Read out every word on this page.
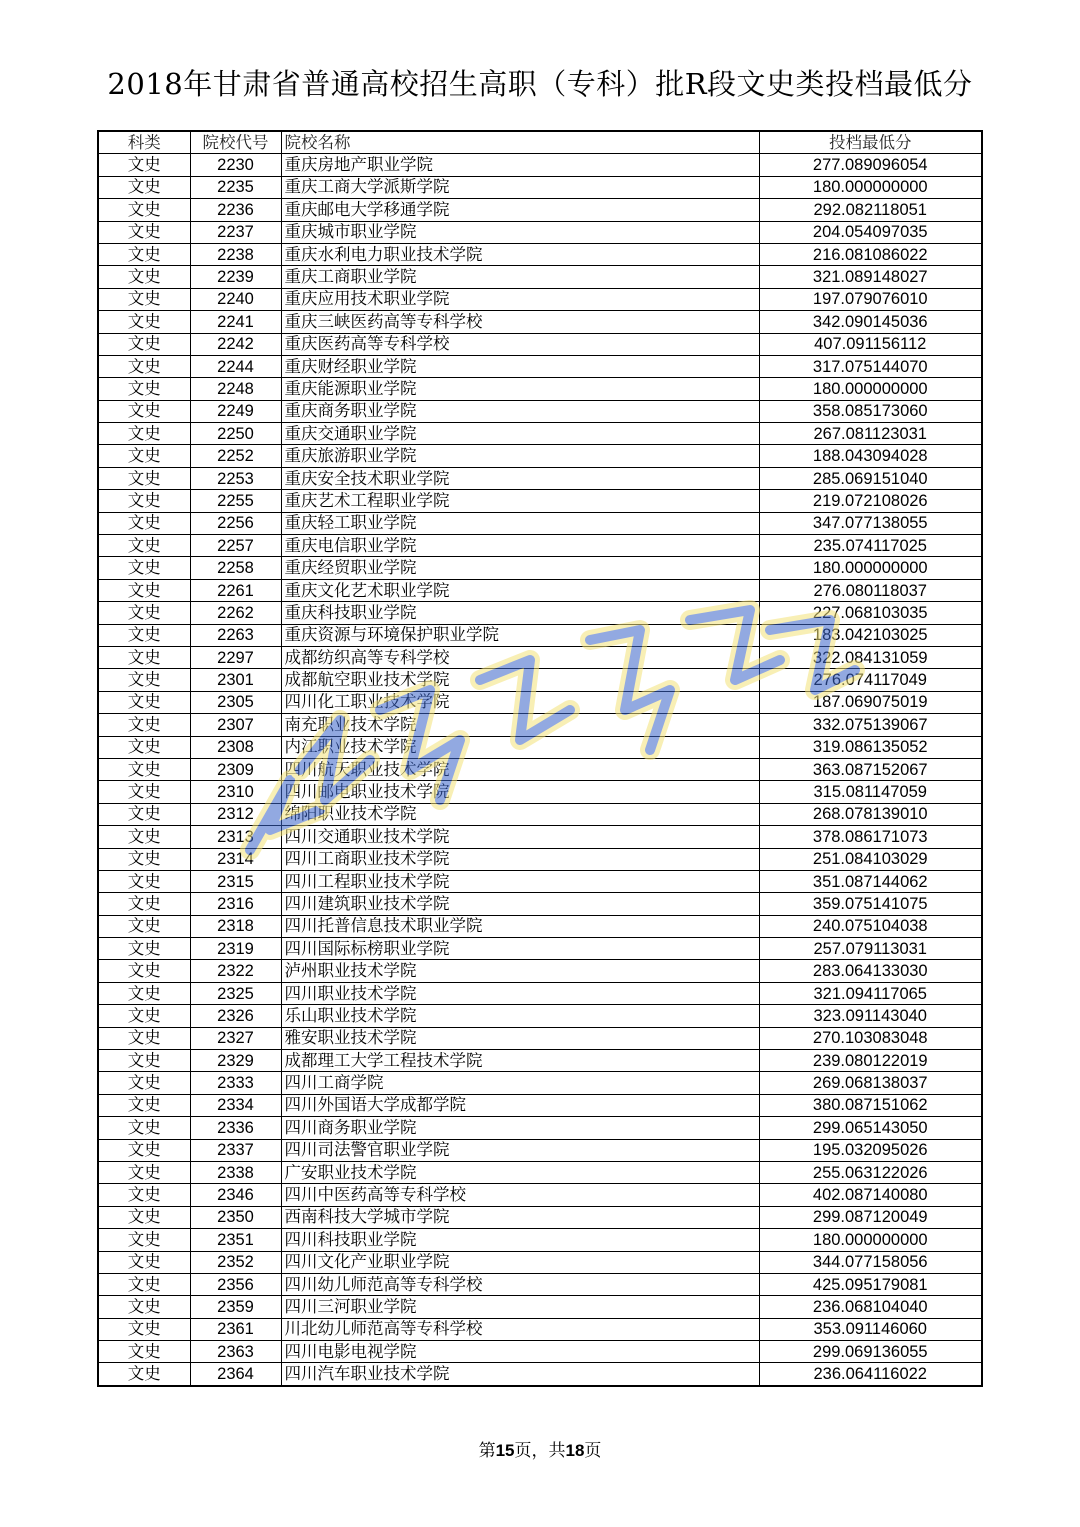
2018年甘肃省普通高校招生高职（专科）批R段文史类投档最低分
科类	院校代号	院校名称	投档最低分
文史	2230	重庆房地产职业学院	277.089096054
文史	2235	重庆工商大学派斯学院	180.000000000
文史	2236	重庆邮电大学移通学院	292.082118051
文史	2237	重庆城市职业学院	204.054097035
文史	2238	重庆水利电力职业技术学院	216.081086022
文史	2239	重庆工商职业学院	321.089148027
文史	2240	重庆应用技术职业学院	197.079076010
文史	2241	重庆三峡医药高等专科学校	342.090145036
文史	2242	重庆医药高等专科学校	407.091156112
文史	2244	重庆财经职业学院	317.075144070
文史	2248	重庆能源职业学院	180.000000000
文史	2249	重庆商务职业学院	358.085173060
文史	2250	重庆交通职业学院	267.081123031
文史	2252	重庆旅游职业学院	188.043094028
文史	2253	重庆安全技术职业学院	285.069151040
文史	2255	重庆艺术工程职业学院	219.072108026
文史	2256	重庆轻工职业学院	347.077138055
文史	2257	重庆电信职业学院	235.074117025
文史	2258	重庆经贸职业学院	180.000000000
文史	2261	重庆文化艺术职业学院	276.080118037
文史	2262	重庆科技职业学院	227.068103035
文史	2263	重庆资源与环境保护职业学院	183.042103025
文史	2297	成都纺织高等专科学校	322.084131059
文史	2301	成都航空职业技术学院	276.074117049
文史	2305	四川化工职业技术学院	187.069075019
文史	2307	南充职业技术学院	332.075139067
文史	2308	内江职业技术学院	319.086135052
文史	2309	四川航天职业技术学院	363.087152067
文史	2310	四川邮电职业技术学院	315.081147059
文史	2312	绵阳职业技术学院	268.078139010
文史	2313	四川交通职业技术学院	378.086171073
文史	2314	四川工商职业技术学院	251.084103029
文史	2315	四川工程职业技术学院	351.087144062
文史	2316	四川建筑职业技术学院	359.075141075
文史	2318	四川托普信息技术职业学院	240.075104038
文史	2319	四川国际标榜职业学院	257.079113031
文史	2322	泸州职业技术学院	283.064133030
文史	2325	四川职业技术学院	321.094117065
文史	2326	乐山职业技术学院	323.091143040
文史	2327	雅安职业技术学院	270.103083048
文史	2329	成都理工大学工程技术学院	239.080122019
文史	2333	四川工商学院	269.068138037
文史	2334	四川外国语大学成都学院	380.087151062
文史	2336	四川商务职业学院	299.065143050
文史	2337	四川司法警官职业学院	195.032095026
文史	2338	广安职业技术学院	255.063122026
文史	2346	四川中医药高等专科学校	402.087140080
文史	2350	西南科技大学城市学院	299.087120049
文史	2351	四川科技职业学院	180.000000000
文史	2352	四川文化产业职业学院	344.077158056
文史	2356	四川幼儿师范高等专科学校	425.095179081
文史	2359	四川三河职业学院	236.068104040
文史	2361	川北幼儿师范高等专科学校	353.091146060
文史	2363	四川电影电视学院	299.069136055
文史	2364	四川汽车职业技术学院	236.064116022
第15页，共18页
